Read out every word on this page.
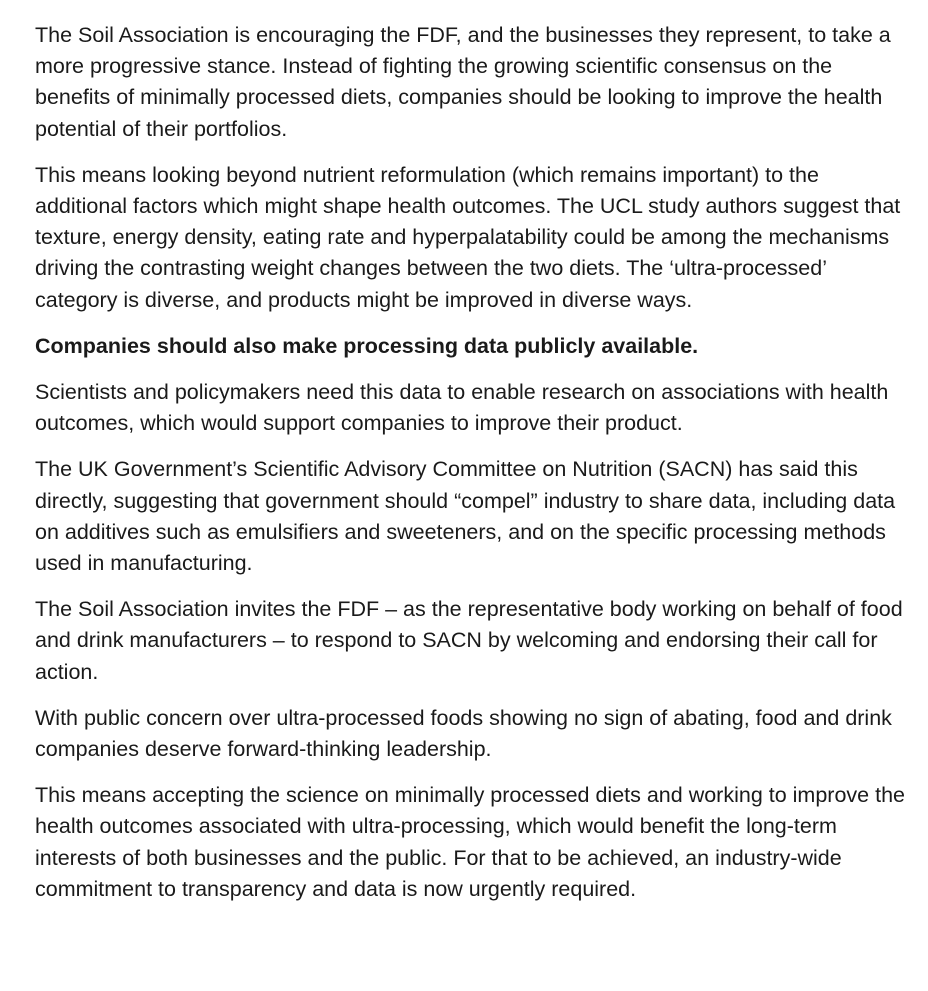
The Soil Association is encouraging the FDF, and the businesses they represent, to take a more progressive stance. Instead of fighting the growing scientific consensus on the benefits of minimally processed diets, companies should be looking to improve the health potential of their portfolios.

This means looking beyond nutrient reformulation (which remains important) to the additional factors which might shape health outcomes. The UCL study authors suggest that texture, energy density, eating rate and hyperpalatability could be among the mechanisms driving the contrasting weight changes between the two diets. The ‘ultra-processed’ category is diverse, and products might be improved in diverse ways.

Companies should also make processing data publicly available.

Scientists and policymakers need this data to enable research on associations with health outcomes, which would support companies to improve their product.

The UK Government’s Scientific Advisory Committee on Nutrition (SACN) has said this directly, suggesting that government should “compel” industry to share data, including data on additives such as emulsifiers and sweeteners, and on the specific processing methods used in manufacturing.

The Soil Association invites the FDF – as the representative body working on behalf of food and drink manufacturers – to respond to SACN by welcoming and endorsing their call for action.

With public concern over ultra-processed foods showing no sign of abating, food and drink companies deserve forward-thinking leadership.

This means accepting the science on minimally processed diets and working to improve the health outcomes associated with ultra-processing, which would benefit the long-term interests of both businesses and the public. For that to be achieved, an industry-wide commitment to transparency and data is now urgently required.
